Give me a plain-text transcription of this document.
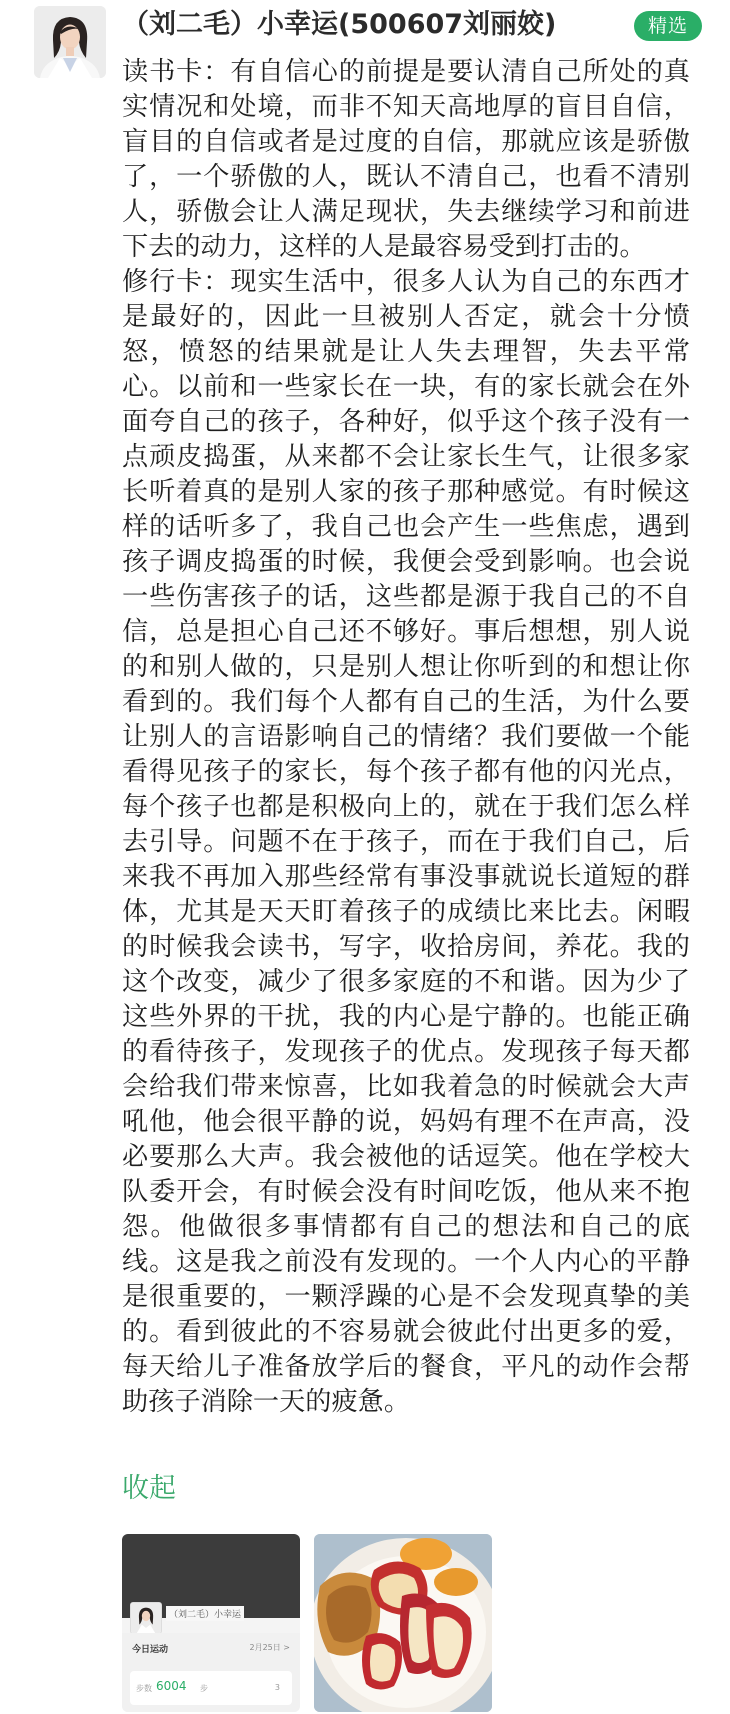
（刘二毛）小幸运(500607刘丽姣)	精选

读书卡：有自信心的前提是要认清自己所处的真实情况和处境，而非不知天高地厚的盲目自信，盲目的自信或者是过度的自信，那就应该是骄傲了，一个骄傲的人，既认不清自己，也看不清别人，骄傲会让人满足现状，失去继续学习和前进下去的动力，这样的人是最容易受到打击的。

修行卡：现实生活中，很多人认为自己的东西才是最好的，因此一旦被别人否定，就会十分愤怒，愤怒的结果就是让人失去理智，失去平常心。以前和一些家长在一块，有的家长就会在外面夸自己的孩子，各种好，似乎这个孩子没有一点顽皮捣蛋，从来都不会让家长生气，让很多家长听着真的是别人家的孩子那种感觉。有时候这样的话听多了，我自己也会产生一些焦虑，遇到孩子调皮捣蛋的时候，我便会受到影响。也会说一些伤害孩子的话，这些都是源于我自己的不自信，总是担心自己还不够好。事后想想，别人说的和别人做的，只是别人想让你听到的和想让你看到的。我们每个人都有自己的生活，为什么要让别人的言语影响自己的情绪？我们要做一个能看得见孩子的家长，每个孩子都有他的闪光点，每个孩子也都是积极向上的，就在于我们怎么样去引导。问题不在于孩子，而在于我们自己，后来我不再加入那些经常有事没事就说长道短的群体，尤其是天天盯着孩子的成绩比来比去。闲暇的时候我会读书，写字，收拾房间，养花。我的这个改变，减少了很多家庭的不和谐。因为少了这些外界的干扰，我的内心是宁静的。也能正确的看待孩子，发现孩子的优点。发现孩子每天都会给我们带来惊喜，比如我着急的时候就会大声吼他，他会很平静的说，妈妈有理不在声高，没必要那么大声。我会被他的话逗笑。他在学校大队委开会，有时候会没有时间吃饭，他从来不抱怨。他做很多事情都有自己的想法和自己的底线。这是我之前没有发现的。一个人内心的平静是很重要的，一颗浮躁的心是不会发现真挚的美的。看到彼此的不容易就会彼此付出更多的爱，每天给儿子准备放学后的餐食，平凡的动作会帮助孩子消除一天的疲惫。

收起
（刘二毛）小幸运
今日运动	2月25日 >
步数 6004 步	3
